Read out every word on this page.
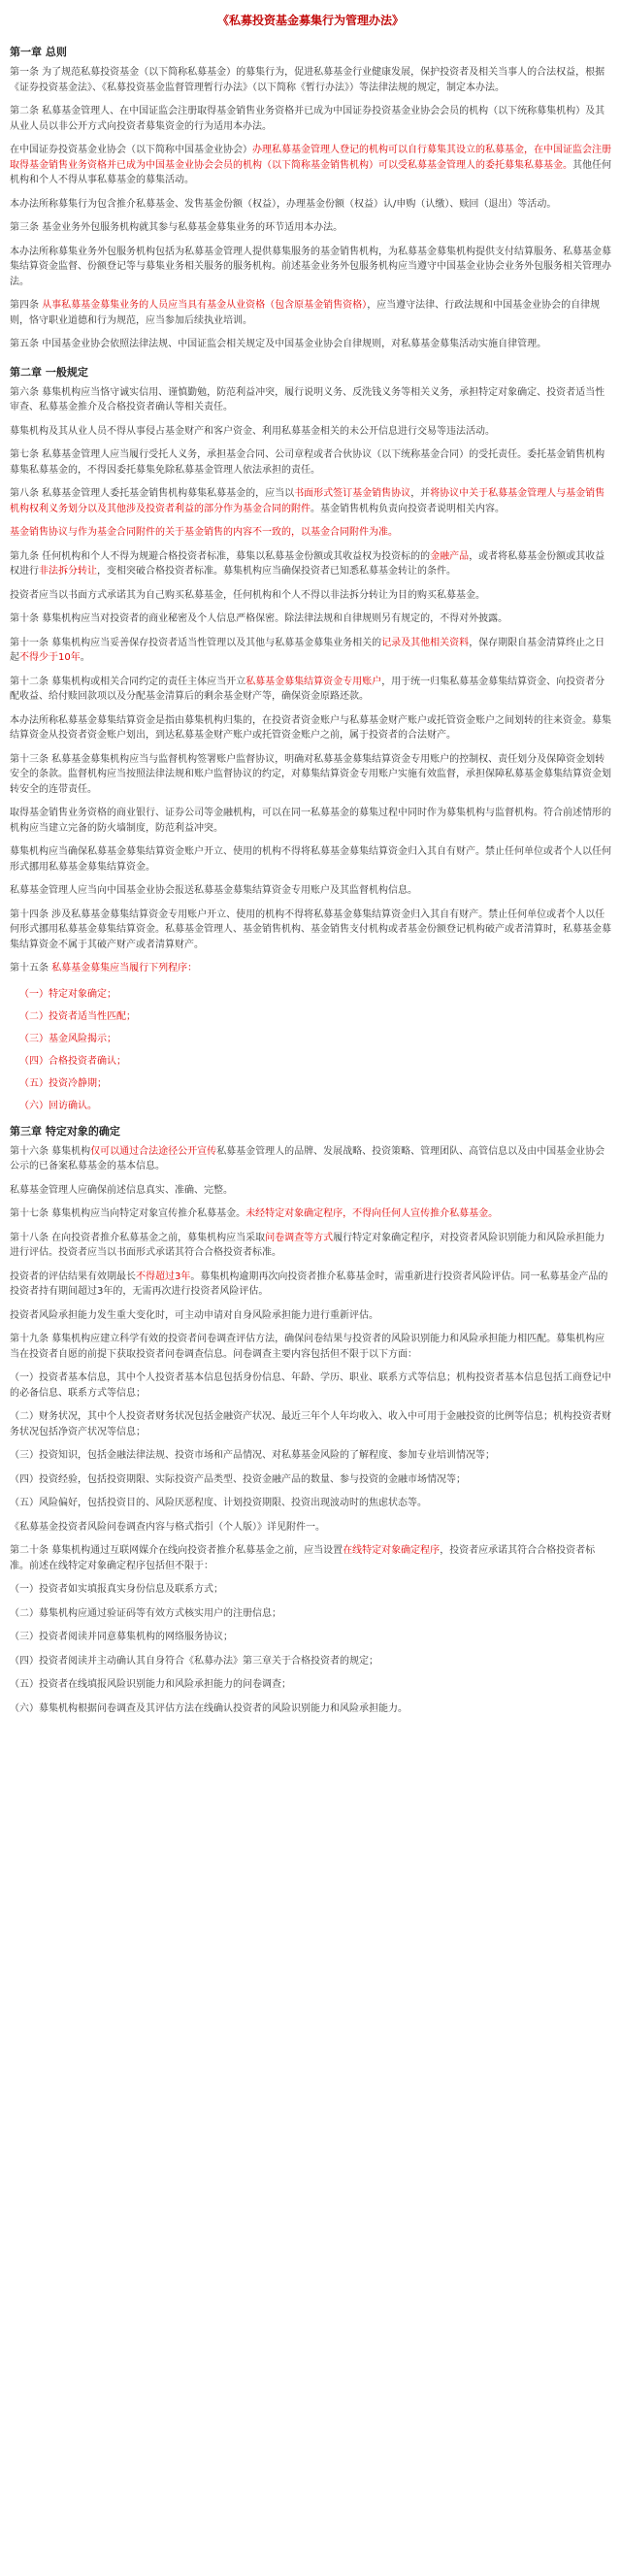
《私募投资基金募集行为管理办法》
第一章 总则

第一条 为了规范私募投资基金（以下简称私募基金）的募集行为，促进私募基金行业健康发展，保护投资者及相关当事人的合法权益，根据《证券投资基金法》、《私募投资基金监督管理暂行办法》（以下简称《暂行办法》）等法律法规的规定，制定本办法。

第二条 私募基金管理人、在中国证监会注册取得基金销售业务资格并已成为中国证券投资基金业协会会员的机构（以下统称募集机构）及其从业人员以非公开方式向投资者募集资金的行为适用本办法。

在中国证券投资基金业协会（以下简称中国基金业协会）办理私募基金管理人登记的机构可以自行募集其设立的私募基金，在中国证监会注册取得基金销售业务资格并已成为中国基金业协会会员的机构（以下简称基金销售机构）可以受私募基金管理人的委托募集私募基金。其他任何机构和个人不得从事私募基金的募集活动。

本办法所称募集行为包含推介私募基金、发售基金份额（权益），办理基金份额（权益）认/申购（认缴）、赎回（退出）等活动。

第三条 基金业务外包服务机构就其参与私募基金募集业务的环节适用本办法。

本办法所称募集业务外包服务机构包括为私募基金管理人提供募集服务的基金销售机构，为私募基金募集机构提供支付结算服务、私募基金募集结算资金监督、份额登记等与募集业务相关服务的服务机构。前述基金业务外包服务机构应当遵守中国基金业协会业务外包服务相关管理办法。

第四条 从事私募基金募集业务的人员应当具有基金从业资格（包含原基金销售资格），应当遵守法律、行政法规和中国基金业协会的自律规则，恪守职业道德和行为规范，应当参加后续执业培训。

第五条 中国基金业协会依照法律法规、中国证监会相关规定及中国基金业协会自律规则，对私募基金募集活动实施自律管理。

第二章 一般规定

第六条 募集机构应当恪守诚实信用、谨慎勤勉，防范利益冲突，履行说明义务、反洗钱义务等相关义务，承担特定对象确定、投资者适当性审查、私募基金推介及合格投资者确认等相关责任。

募集机构及其从业人员不得从事侵占基金财产和客户资金、利用私募基金相关的未公开信息进行交易等违法活动。

第七条 私募基金管理人应当履行受托人义务，承担基金合同、公司章程或者合伙协议（以下统称基金合同）的受托责任。委托基金销售机构募集私募基金的，不得因委托募集免除私募基金管理人依法承担的责任。

第八条 私募基金管理人委托基金销售机构募集私募基金的，应当以书面形式签订基金销售协议，并将协议中关于私募基金管理人与基金销售机构权利义务划分以及其他涉及投资者利益的部分作为基金合同的附件。基金销售机构负责向投资者说明相关内容。

基金销售协议与作为基金合同附件的关于基金销售的内容不一致的，以基金合同附件为准。

第九条 任何机构和个人不得为规避合格投资者标准，募集以私募基金份额或其收益权为投资标的的金融产品，或者将私募基金份额或其收益权进行非法拆分转让，变相突破合格投资者标准。募集机构应当确保投资者已知悉私募基金转让的条件。

投资者应当以书面方式承诺其为自己购买私募基金，任何机构和个人不得以非法拆分转让为目的购买私募基金。

第十条 募集机构应当对投资者的商业秘密及个人信息严格保密。除法律法规和自律规则另有规定的，不得对外披露。

第十一条 募集机构应当妥善保存投资者适当性管理以及其他与私募基金募集业务相关的记录及其他相关资料，保存期限自基金清算终止之日起不得少于10年。

第十二条 募集机构或相关合同约定的责任主体应当开立私募基金募集结算资金专用账户，用于统一归集私募基金募集结算资金、向投资者分配收益、给付赎回款项以及分配基金清算后的剩余基金财产等，确保资金原路还款。

本办法所称私募基金募集结算资金是指由募集机构归集的，在投资者资金账户与私募基金财产账户或托管资金账户之间划转的往来资金。募集结算资金从投资者资金账户划出，到达私募基金财产账户或托管资金账户之前，属于投资者的合法财产。

第十三条 私募基金募集机构应当与监督机构签署账户监督协议，明确对私募基金募集结算资金专用账户的控制权、责任划分及保障资金划转安全的条款。监督机构应当按照法律法规和账户监督协议的约定，对募集结算资金专用账户实施有效监督，承担保障私募基金募集结算资金划转安全的连带责任。

取得基金销售业务资格的商业银行、证券公司等金融机构，可以在同一私募基金的募集过程中同时作为募集机构与监督机构。符合前述情形的机构应当建立完备的防火墙制度，防范利益冲突。

募集机构应当确保私募基金募集结算资金账户开立、使用的机构不得将私募基金募集结算资金归入其自有财产。禁止任何单位或者个人以任何形式挪用私募基金募集结算资金。

私募基金管理人应当向中国基金业协会报送私募基金募集结算资金专用账户及其监督机构信息。

第十四条 涉及私募基金募集结算资金专用账户开立、使用的机构不得将私募基金募集结算资金归入其自有财产。禁止任何单位或者个人以任何形式挪用私募基金募集结算资金。私募基金管理人、基金销售机构、基金销售支付机构或者基金份额登记机构破产或者清算时，私募基金募集结算资金不属于其破产财产或者清算财产。

第十五条 私募基金募集应当履行下列程序：

（一）特定对象确定；
（二）投资者适当性匹配；
（三）基金风险揭示；
（四）合格投资者确认；
（五）投资冷静期；
（六）回访确认。
第三章 特定对象的确定

第十六条 募集机构仅可以通过合法途径公开宣传私募基金管理人的品牌、发展战略、投资策略、管理团队、高管信息以及由中国基金业协会公示的已备案私募基金的基本信息。

私募基金管理人应确保前述信息真实、准确、完整。

第十七条 募集机构应当向特定对象宣传推介私募基金。未经特定对象确定程序，不得向任何人宣传推介私募基金。

第十八条 在向投资者推介私募基金之前，募集机构应当采取问卷调查等方式履行特定对象确定程序，对投资者风险识别能力和风险承担能力进行评估。投资者应当以书面形式承诺其符合合格投资者标准。

投资者的评估结果有效期最长不得超过3年。募集机构逾期再次向投资者推介私募基金时，需重新进行投资者风险评估。同一私募基金产品的投资者持有期间超过3年的，无需再次进行投资者风险评估。

投资者风险承担能力发生重大变化时，可主动申请对自身风险承担能力进行重新评估。

第十九条 募集机构应建立科学有效的投资者问卷调查评估方法，确保问卷结果与投资者的风险识别能力和风险承担能力相匹配。募集机构应当在投资者自愿的前提下获取投资者问卷调查信息。问卷调查主要内容包括但不限于以下方面：

（一）投资者基本信息，其中个人投资者基本信息包括身份信息、年龄、学历、职业、联系方式等信息；机构投资者基本信息包括工商登记中的必备信息、联系方式等信息；

（二）财务状况，其中个人投资者财务状况包括金融资产状况、最近三年个人年均收入、收入中可用于金融投资的比例等信息；机构投资者财务状况包括净资产状况等信息；

（三）投资知识，包括金融法律法规、投资市场和产品情况、对私募基金风险的了解程度、参加专业培训情况等；

（四）投资经验，包括投资期限、实际投资产品类型、投资金融产品的数量、参与投资的金融市场情况等；

（五）风险偏好，包括投资目的、风险厌恶程度、计划投资期限、投资出现波动时的焦虑状态等。

《私募基金投资者风险问卷调查内容与格式指引（个人版）》详见附件一。

第二十条 募集机构通过互联网媒介在线向投资者推介私募基金之前，应当设置在线特定对象确定程序，投资者应承诺其符合合格投资者标准。前述在线特定对象确定程序包括但不限于：

（一）投资者如实填报真实身份信息及联系方式；

（二）募集机构应通过验证码等有效方式核实用户的注册信息；

（三）投资者阅读并同意募集机构的网络服务协议；

（四）投资者阅读并主动确认其自身符合《私募办法》第三章关于合格投资者的规定；

（五）投资者在线填报风险识别能力和风险承担能力的问卷调查；

（六）募集机构根据问卷调查及其评估方法在线确认投资者的风险识别能力和风险承担能力。
